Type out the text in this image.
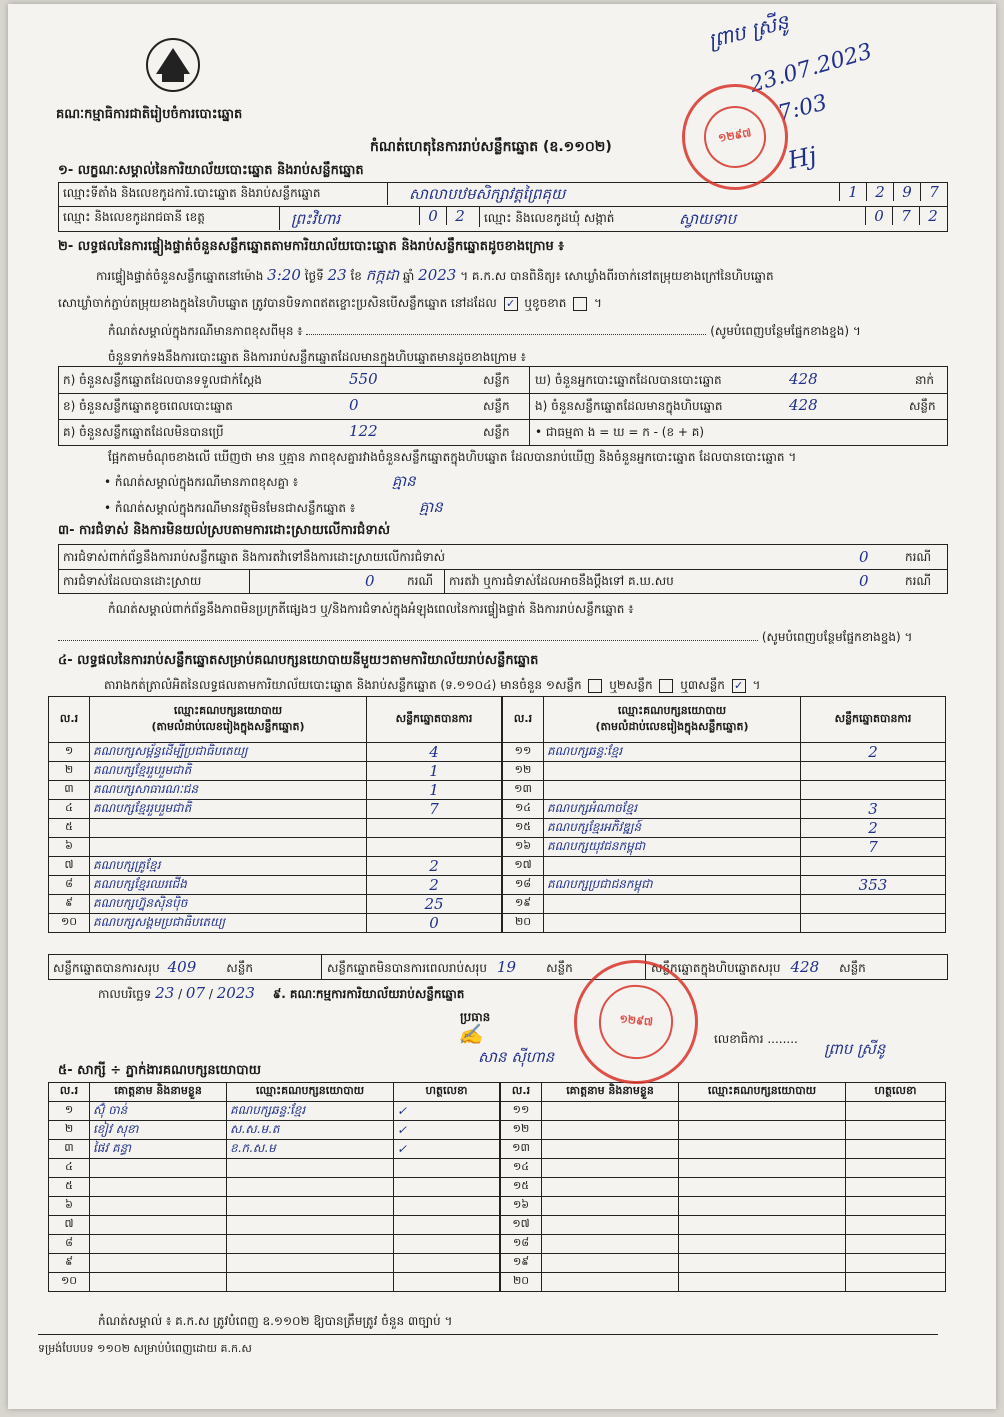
គណៈកម្មាធិការជាតិរៀបចំការបោះឆ្នោត
កំណត់ហេតុនៃការរាប់សន្លឹកឆ្នោត (ឧ.១១០២)
១- លក្ខណៈសម្គាល់នៃការិយាល័យបោះឆ្នោត និងរាប់សន្លឹកឆ្នោត
ឈ្មោះទីតាំង និងលេខកូដការិ.បោះឆ្នោត និងរាប់សន្លឹកឆ្នោត	សាលាបឋមសិក្សាវត្តព្រៃគុយ	1	2	9	7
ឈ្មោះ និងលេខកូដរាជធានី ខេត្ត	ព្រះវិហារ	0	2	ឈ្មោះ និងលេខកូដឃុំ សង្កាត់	ស្វាយទាប	0	7	2
២- លទ្ធផលនៃការផ្ទៀងផ្ទាត់ចំនួនសន្លឹកឆ្នោតតាមការិយាល័យបោះឆ្នោត និងរាប់សន្លឹកឆ្នោតដូចខាងក្រោម ៖
ការផ្ទៀងផ្ទាត់ចំនួនសន្លឹកឆ្នោតនៅម៉ោង 3:20 ថ្ងៃទី 23 ខែ កក្កដា ឆ្នាំ 2023 ។ គ.ក.ស បានពិនិត្យ៖ សោឃ្លាំងពីរចាក់នៅតម្រុយខាងក្រៅនៃហិបឆ្នោត
សោឃ្លាំចាក់ភ្ជាប់តម្រុយខាងក្នុងនៃហិបឆ្នោត ត្រូវបានបិទភាពឥតខ្ចោះប្រសិនបើសន្លឹកឆ្នោត នៅដដែល ✓ ឬខូចខាត  ។
កំណត់សម្គាល់ក្នុងករណីមានភាពខុសពីមុន ៖	(សូមបំពេញបន្ថែមផ្នែកខាងខ្នង) ។
ចំនួនទាក់ទងនឹងការបោះឆ្នោត និងការរាប់សន្លឹកឆ្នោតដែលមានក្នុងហិបឆ្នោតមានដូចខាងក្រោម ៖
ក) ចំនួនសន្លឹកឆ្នោតដែលបានទទួលជាក់ស្តែង	550	សន្លឹក
ខ) ចំនួនសន្លឹកឆ្នោតខូចពេលបោះឆ្នោត	0	សន្លឹក
គ) ចំនួនសន្លឹកឆ្នោតដែលមិនបានប្រើ	122	សន្លឹក
ឃ) ចំនួនអ្នកបោះឆ្នោតដែលបានបោះឆ្នោត	428	នាក់
ង) ចំនួនសន្លឹកឆ្នោតដែលមានក្នុងហិបឆ្នោត	428	សន្លឹក
• ជាធម្មតា ង = ឃ = ក - (ខ + គ)
ផ្អែកតាមចំណុចខាងលើ ឃើញថា មាន ឬគ្មាន ភាពខុសគ្នារវាងចំនួនសន្លឹកឆ្នោតក្នុងហិបឆ្នោត ដែលបានរាប់ឃើញ និងចំនួនអ្នកបោះឆ្នោត ដែលបានបោះឆ្នោត ។
• កំណត់សម្គាល់ក្នុងករណីមានភាពខុសគ្នា ៖	គ្មាន
• កំណត់សម្គាល់ក្នុងករណីមានវត្ថុមិនមែនជាសន្លឹកឆ្នោត ៖	គ្មាន
៣- ការជំទាស់ និងការមិនយល់ស្របតាមការដោះស្រាយលើការជំទាស់
ការជំទាស់ពាក់ព័ន្ធនឹងការរាប់សន្លឹកឆ្នោត និងការតវ៉ាទៅនឹងការដោះស្រាយលើការជំទាស់	0	ករណី
ការជំទាស់ដែលបានដោះស្រាយ	0	ករណី ការតវ៉ា ឬការជំទាស់ដែលអាចនឹងប្តឹងទៅ គ.ឃ.សប	0	ករណី
កំណត់សម្គាល់ពាក់ព័ន្ធនឹងភាពមិនប្រក្រតីផ្សេងៗ ឬ/និងការជំទាស់ក្នុងអំឡុងពេលនៃការផ្ទៀងផ្ទាត់ និងការរាប់សន្លឹកឆ្នោត ៖
(សូមបំពេញបន្ថែមផ្នែកខាងខ្នង) ។
៤- លទ្ធផលនៃការរាប់សន្លឹកឆ្នោតសម្រាប់គណបក្សនយោបាយនីមួយៗតាមការិយាល័យរាប់សន្លឹកឆ្នោត
តារាងកត់ត្រាលំអិតនៃលទ្ធផលតាមការិយាល័យបោះឆ្នោត និងរាប់សន្លឹកឆ្នោត (ទ.១១០៤) មានចំនួន ១សន្លឹក ឬ២សន្លឹក ឬ៣សន្លឹក ✓ ។
ល.រ	ឈ្មោះគណបក្សនយោបាយ
(តាមលំដាប់លេខរៀងក្នុងសន្លឹកឆ្នោត)	សន្លឹកឆ្នោតបានការ
១	គណបក្សសម្ព័ន្ធដើម្បីប្រជាធិបតេយ្យ	4
២	គណបក្សខ្មែររួបរួមជាតិ	1
៣	គណបក្សសាធារណៈជន	1
៤	គណបក្សខ្មែររួបរួមជាតិ	7
៥		
៦		
៧	គណបក្សគ្រូខ្មែរ	2
៨	គណបក្សខ្មែរឈរជើង	2
៩	គណបក្សហ្វ៊ុនស៊ិនប៉ិច	25
១០	គណបក្សសង្គមប្រជាធិបតេយ្យ	0
ល.រ	ឈ្មោះគណបក្សនយោបាយ
(តាមលំដាប់លេខរៀងក្នុងសន្លឹកឆ្នោត)	សន្លឹកឆ្នោតបានការ
១១	គណបក្សឆន្ទៈខ្មែរ	2
១២		
១៣		
១៤	គណបក្សអំណាចខ្មែរ	3
១៥	គណបក្សខ្មែរអភិវឌ្ឍន៍	2
១៦	គណបក្សយុវជនកម្ពុជា	7
១៧		
១៨	គណបក្សប្រជាជនកម្ពុជា	353
១៩		
២០		
សន្លឹកឆ្នោតបានការសរុប 409	សន្លឹក	សន្លឹកឆ្នោតមិនបានការពេលរាប់សរុប 19	សន្លឹក	សន្លឹកឆ្នោតក្នុងហិបឆ្នោតសរុប 428 សន្លឹក
កាលបរិច្ឆេទ 23 / 07 / 2023 ៩. គណៈកម្មការការិយាល័យរាប់សន្លឹកឆ្នោត
ប្រធាន
សាន ស៊ីហាន
✍	លេខាធិការ ........
ព្រាប ស្រីនូ
៥- សាក្សី ÷ ភ្នាក់ងារគណបក្សនយោបាយ
ល.រ	គោត្តនាម និងនាមខ្លួន	ឈ្មោះគណបក្សនយោបាយ	ហត្ថលេខា
១	ស៊ុំ ចាន់	គណបក្សឆន្ទៈខ្មែរ	✓
២	ខៀវ សុខា	ស.ស.ម.ត	✓
៣	ផៃវ គន្ធា	ខ.ក.ស.ម	✓
៤			
៥			
៦			
៧			
៨			
៩			
១០			
ល.រ	គោត្តនាម និងនាមខ្លួន	ឈ្មោះគណបក្សនយោបាយ	ហត្ថលេខា
១១			
១២			
១៣			
១៤			
១៥			
១៦			
១៧			
១៨			
១៩			
២០			
កំណត់សម្គាល់ ៖ គ.ក.ស ត្រូវបំពេញ ឧ.១១០២ ឱ្យបានត្រឹមត្រូវ ចំនួន ៣ច្បាប់ ។
ទម្រង់បែបបទ ១១០២ សម្រាប់បំពេញដោយ គ.ក.ស
ព្រាប ស្រីនូ
23.07.2023
7:03
Hj
១២៩៧
១២៩៧
